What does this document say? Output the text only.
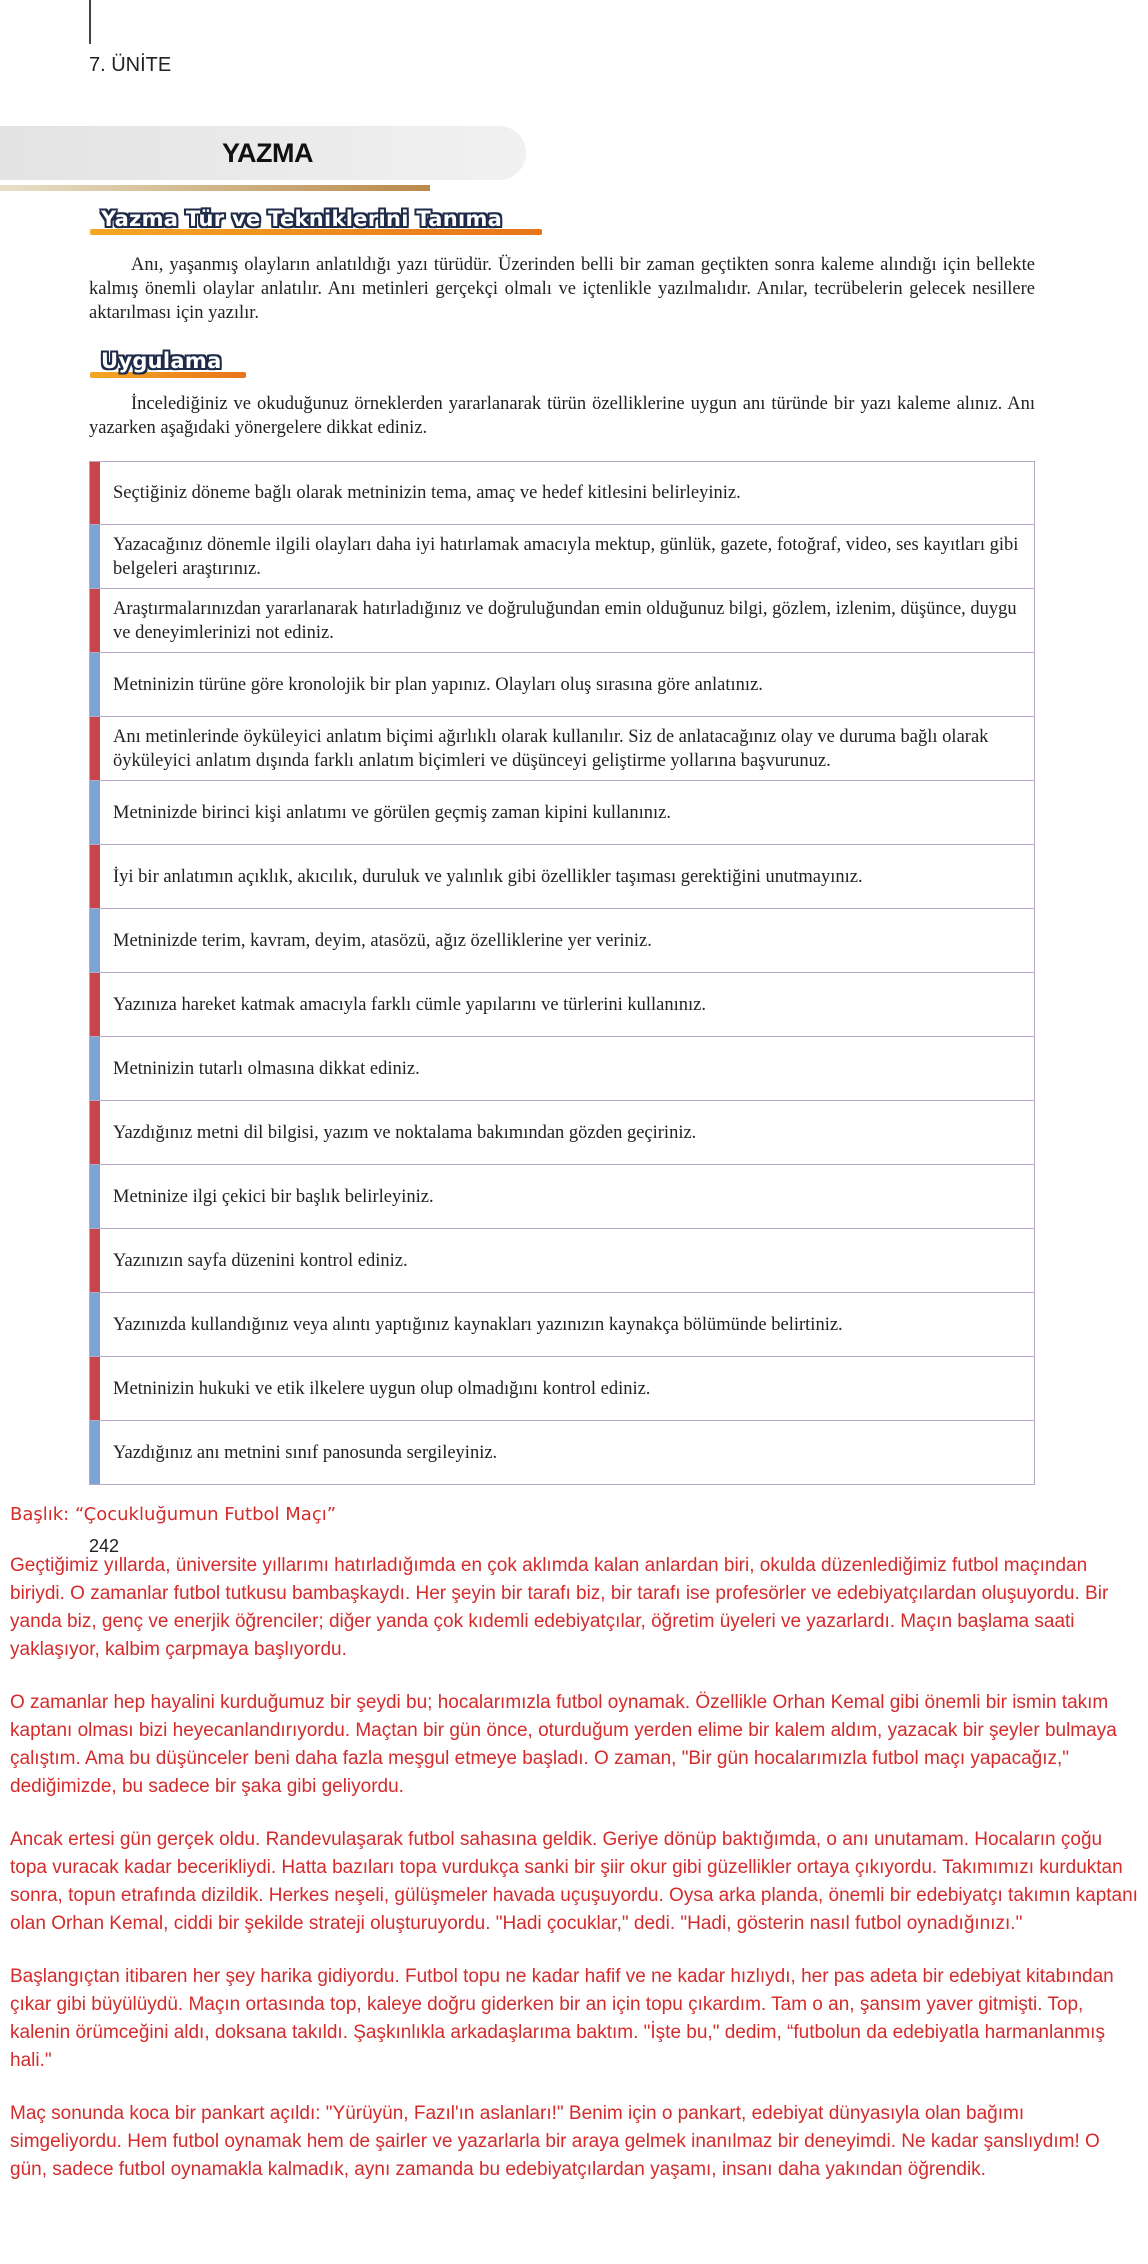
7. ÜNİTE
YAZMA
Yazma Tür ve Tekniklerini Tanıma

Anı, yaşanmış olayların anlatıldığı yazı türüdür. Üzerinden belli bir zaman geçtikten sonra kaleme alındığı için bellekte kalmış önemli olaylar anlatılır. Anı metinleri gerçekçi olmalı ve içtenlikle yazılmalıdır. Anılar, tecrübelerin gelecek nesillere aktarılması için yazılır.

Uygulama

İncelediğiniz ve okuduğunuz örneklerden yararlanarak türün özelliklerine uygun anı türünde bir yazı kaleme alınız. Anı yazarken aşağıdaki yönergelere dikkat ediniz.

Seçtiğiniz döneme bağlı olarak metninizin tema, amaç ve hedef kitlesini belirleyiniz.
Yazacağınız dönemle ilgili olayları daha iyi hatırlamak amacıyla mektup, günlük, gazete, fotoğraf, video, ses kayıtları gibi belgeleri araştırınız.
Araştırmalarınızdan yararlanarak hatırladığınız ve doğruluğundan emin olduğunuz bilgi, gözlem, izlenim, düşünce, duygu ve deneyimlerinizi not ediniz.
Metninizin türüne göre kronolojik bir plan yapınız. Olayları oluş sırasına göre anlatınız.
Anı metinlerinde öyküleyici anlatım biçimi ağırlıklı olarak kullanılır. Siz de anlatacağınız olay ve duruma bağlı olarak öyküleyici anlatım dışında farklı anlatım biçimleri ve düşünceyi geliştirme yollarına başvurunuz.
Metninizde birinci kişi anlatımı ve görülen geçmiş zaman kipini kullanınız.
İyi bir anlatımın açıklık, akıcılık, duruluk ve yalınlık gibi özellikler taşıması gerektiğini unutmayınız.
Metninizde terim, kavram, deyim, atasözü, ağız özelliklerine yer veriniz.
Yazınıza hareket katmak amacıyla farklı cümle yapılarını ve türlerini kullanınız.
Metninizin tutarlı olmasına dikkat ediniz.
Yazdığınız metni dil bilgisi, yazım ve noktalama bakımından gözden geçiriniz.
Metninize ilgi çekici bir başlık belirleyiniz.
Yazınızın sayfa düzenini kontrol ediniz.
Yazınızda kullandığınız veya alıntı yaptığınız kaynakları yazınızın kaynakça bölümünde belirtiniz.
Metninizin hukuki ve etik ilkelere uygun olup olmadığını kontrol ediniz.
Yazdığınız anı metnini sınıf panosunda sergileyiniz.
Başlık: “Çocukluğumun Futbol Maçı”
242

Geçtiğimiz yıllarda, üniversite yıllarımı hatırladığımda en çok aklımda kalan anlardan biri, okulda düzenlediğimiz futbol maçından biriydi. O zamanlar futbol tutkusu bambaşkaydı. Her şeyin bir tarafı biz, bir tarafı ise profesörler ve edebiyatçılardan oluşuyordu. Bir yanda biz, genç ve enerjik öğrenciler; diğer yanda çok kıdemli edebiyatçılar, öğretim üyeleri ve yazarlardı. Maçın başlama saati yaklaşıyor, kalbim çarpmaya başlıyordu.

O zamanlar hep hayalini kurduğumuz bir şeydi bu; hocalarımızla futbol oynamak. Özellikle Orhan Kemal gibi önemli bir ismin takım kaptanı olması bizi heyecanlandırıyordu. Maçtan bir gün önce, oturduğum yerden elime bir kalem aldım, yazacak bir şeyler bulmaya çalıştım. Ama bu düşünceler beni daha fazla meşgul etmeye başladı. O zaman, "Bir gün hocalarımızla futbol maçı yapacağız," dediğimizde, bu sadece bir şaka gibi geliyordu.

Ancak ertesi gün gerçek oldu. Randevulaşarak futbol sahasına geldik. Geriye dönüp baktığımda, o anı unutamam. Hocaların çoğu topa vuracak kadar becerikliydi. Hatta bazıları topa vurdukça sanki bir şiir okur gibi güzellikler ortaya çıkıyordu. Takımımızı kurduktan sonra, topun etrafında dizildik. Herkes neşeli, gülüşmeler havada uçuşuyordu. Oysa arka planda, önemli bir edebiyatçı takımın kaptanı olan Orhan Kemal, ciddi bir şekilde strateji oluşturuyordu. "Hadi çocuklar," dedi. "Hadi, gösterin nasıl futbol oynadığınızı."

Başlangıçtan itibaren her şey harika gidiyordu. Futbol topu ne kadar hafif ve ne kadar hızlıydı, her pas adeta bir edebiyat kitabından çıkar gibi büyülüydü. Maçın ortasında top, kaleye doğru giderken bir an için topu çıkardım. Tam o an, şansım yaver gitmişti. Top, kalenin örümceğini aldı, doksana takıldı. Şaşkınlıkla arkadaşlarıma baktım. "İşte bu," dedim, “futbolun da edebiyatla harmanlanmış hali."

Maç sonunda koca bir pankart açıldı: "Yürüyün, Fazıl'ın aslanları!" Benim için o pankart, edebiyat dünyasıyla olan bağımı simgeliyordu. Hem futbol oynamak hem de şairler ve yazarlarla bir araya gelmek inanılmaz bir deneyimdi. Ne kadar şanslıydım! O gün, sadece futbol oynamakla kalmadık, aynı zamanda bu edebiyatçılardan yaşamı, insanı daha yakından öğrendik.
